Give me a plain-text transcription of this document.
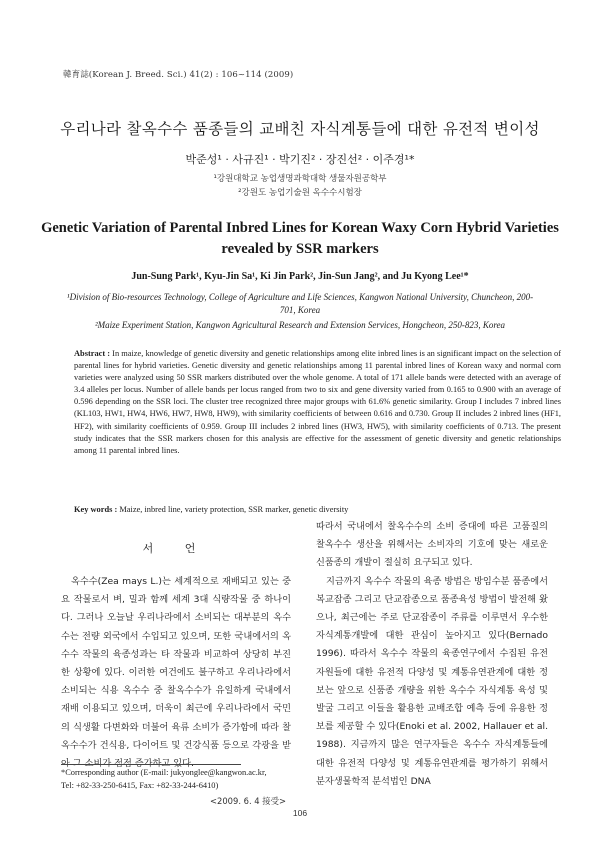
韓育誌(Korean J. Breed. Sci.) 41(2) : 106~114 (2009)
우리나라 찰옥수수 품종들의 교배친 자식계통들에 대한 유전적 변이성
박준성¹ · 사규진¹ · 박기진² · 장진선² · 이주경¹*
¹강원대학교 농업생명과학대학 생물자원공학부
²강원도 농업기술원 옥수수시험장
Genetic Variation of Parental Inbred Lines for Korean Waxy Corn Hybrid Varieties revealed by SSR markers
Jun-Sung Park¹, Kyu-Jin Sa¹, Ki Jin Park², Jin-Sun Jang², and Ju Kyong Lee¹*
¹Division of Bio-resources Technology, College of Agriculture and Life Sciences, Kangwon National University, Chuncheon, 200-701, Korea
²Maize Experiment Station, Kangwon Agricultural Research and Extension Services, Hongcheon, 250-823, Korea
Abstract : In maize, knowledge of genetic diversity and genetic relationships among elite inbred lines is an significant impact on the selection of parental lines for hybrid varieties. Genetic diversity and genetic relationships among 11 parental inbred lines of Korean waxy and normal corn varieties were analyzed using 50 SSR markers distributed over the whole genome. A total of 171 allele bands were detected with an average of 3.4 alleles per locus. Number of allele bands per locus ranged from two to six and gene diversity varied from 0.165 to 0.900 with an average of 0.596 depending on the SSR loci. The cluster tree recognized three major groups with 61.6% genetic similarity. Group I includes 7 inbred lines (KL103, HW1, HW4, HW6, HW7, HW8, HW9), with similarity coefficients of between 0.616 and 0.730. Group II includes 2 inbred lines (HF1, HF2), with similarity coefficients of 0.959. Group III includes 2 inbred lines (HW3, HW5), with similarity coefficients of 0.713. The present study indicates that the SSR markers chosen for this analysis are effective for the assessment of genetic diversity and genetic relationships among 11 parental inbred lines.
Key words : Maize, inbred line, variety protection, SSR marker, genetic diversity
서 언

옥수수(Zea mays L.)는 세계적으로 재배되고 있는 중요 작물로서 벼, 밀과 함께 세계 3대 식량작물 중 하나이다. 그러나 오늘날 우리나라에서 소비되는 대부분의 옥수수는 전량 외국에서 수입되고 있으며, 또한 국내에서의 옥수수 작물의 육종성과는 타 작물과 비교하여 상당히 부진한 상황에 있다. 이러한 여건에도 불구하고 우리나라에서 소비되는 식용 옥수수 중 찰옥수수가 유일하게 국내에서 재배 이용되고 있으며, 더욱이 최근에 우리나라에서 국민의 식생활 다변화와 더불어 육류 소비가 증가함에 따라 찰옥수수가 건식용, 다이어트 및 건강식품 등으로 각광을 받아 그 소비가 점점 증가하고 있다.

따라서 국내에서 찰옥수수의 소비 증대에 따른 고품질의 찰옥수수 생산을 위해서는 소비자의 기호에 맞는 새로운 신품종의 개발이 절실히 요구되고 있다.

지금까지 옥수수 작물의 육종 방법은 방임수분 품종에서 복교잡종 그리고 단교잡종으로 품종육성 방법이 발전해 왔으나, 최근에는 주로 단교잡종이 주류를 이루면서 우수한 자식계통개발에 대한 관심이 높아지고 있다(Bernado 1996). 따라서 옥수수 작물의 육종연구에서 수집된 유전자원들에 대한 유전적 다양성 및 계통유연관계에 대한 정보는 앞으로 신품종 개량을 위한 옥수수 자식계통 육성 및 발굴 그리고 이들을 활용한 교배조합 예측 등에 유용한 정보를 제공할 수 있다(Enoki et al. 2002, Hallauer et al. 1988). 지금까지 많은 연구자들은 옥수수 자식계통들에 대한 유전적 다양성 및 계통유연관계를 평가하기 위해서 분자생물학적 분석법인 DNA

*Corresponding author (E-mail: jukyonglee@kangwon.ac.kr,
Tel: +82-33-250-6415, Fax: +82-33-244-6410)
<2009. 6. 4 接受>
106
